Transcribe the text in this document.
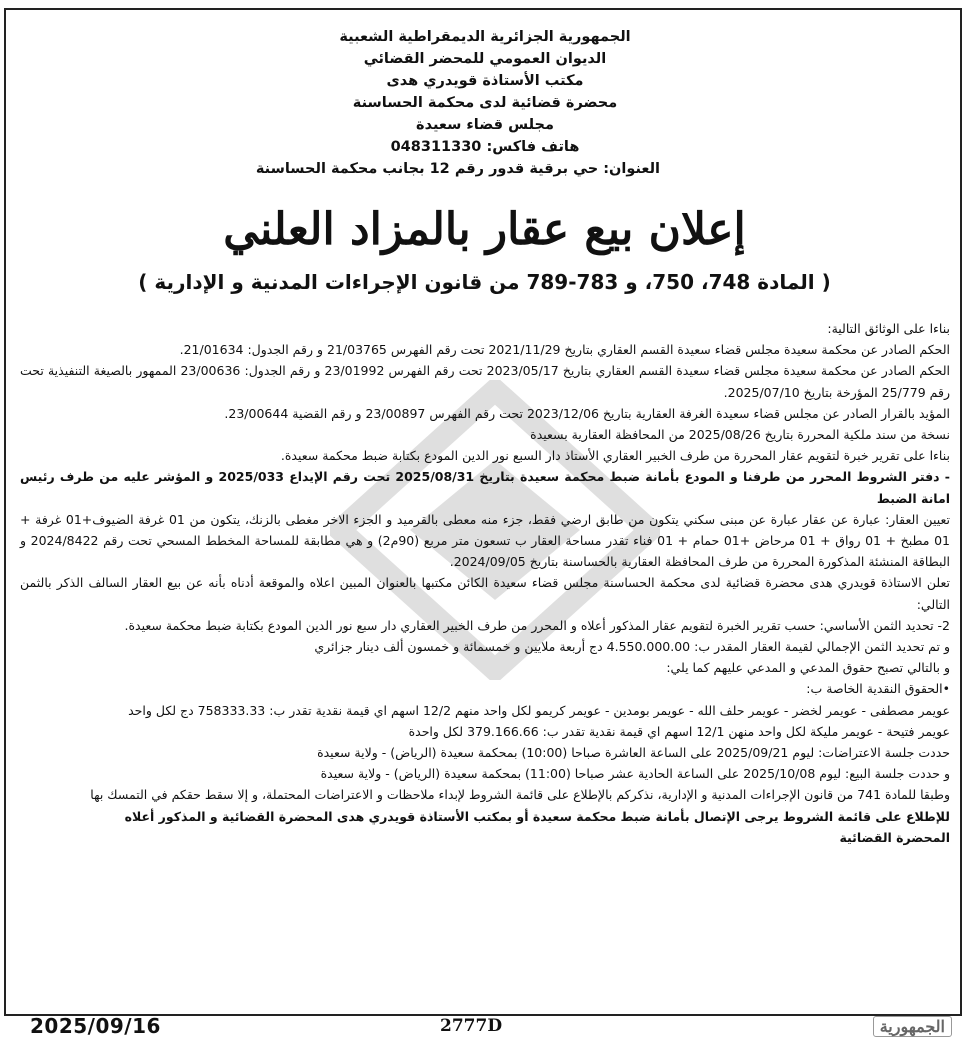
الجمهورية الجزائرية الديمقراطية الشعبية
الديوان العمومي للمحضر القضائي
مكتب الأستاذة قويدري هدى
محضرة قضائية لدى محكمة الحساسنة
مجلس قضاء سعيدة
هاتف فاكس: 048311330
العنوان: حي برقية قدور رقم 12 بجانب محكمة الحساسنة
إعلان بيع عقار بالمزاد العلني
( المادة 748، 750، و 783-789 من قانون الإجراءات المدنية و الإدارية )

بناءا على الوثائق التالية:

الحكم الصادر عن محكمة سعيدة مجلس قضاء سعيدة القسم العقاري بتاريخ 2021/11/29 تحت رقم الفهرس 21/03765 و رقم الجدول: 21/01634.

الحكم الصادر عن محكمة سعيدة مجلس قضاء سعيدة القسم العقاري بتاريخ 2023/05/17 تحت رقم الفهرس 23/01992 و رقم الجدول: 23/00636 الممهور بالصيغة التنفيذية تحت رقم 25/779 المؤرخة بتاريخ 2025/07/10.

المؤيد بالقرار الصادر عن مجلس قضاء سعيدة الغرفة العقارية بتاريخ 2023/12/06 تحت رقم الفهرس 23/00897 و رقم القضية 23/00644.

نسخة من سند ملكية المحررة بتاريخ 2025/08/26 من المحافظة العقارية بسعيدة

بناءا على تقرير خبرة لتقويم عقار المحررة من طرف الخبير العقاري الأستاذ دار السبع نور الدين المودع بكتابة ضبط محكمة سعيدة.

- دفتر الشروط المحرر من طرفنا و المودع بأمانة ضبط محكمة سعيدة بتاريخ 2025/08/31 تحت رقم الإيداع 2025/033 و المؤشر عليه من طرف رئيس امانة الضبط

تعيين العقار: عبارة عن عقار عبارة عن مبنى سكني يتكون من طابق ارضي فقط، جزء منه معطى بالقرميد و الجزء الاخر مغطى بالزنك، يتكون من 01 غرفة الضيوف+01 غرفة + 01 مطبخ + 01 رواق + 01 مرحاض +01 حمام + 01 فناء تقدر مساحة العقار ب تسعون متر مربع (90م2) و هي مطابقة للمساحة المخطط المسحي تحت رقم 2024/8422 و البطاقة المنشئة المذكورة المحررة من طرف المحافظة العقارية بالحساسنة بتاريخ 2024/09/05.

تعلن الاستاذة قويدري هدى محضرة قضائية لدى محكمة الحساسنة مجلس قضاء سعيدة الكائن مكتبها بالعنوان المبين اعلاه والموقعة أدناه بأنه عن بيع العقار السالف الذكر بالثمن التالي:

2- تحديد الثمن الأساسي: حسب تقرير الخبرة لتقويم عقار المذكور أعلاه و المحرر من طرف الخبير العقاري دار سبع نور الدين المودع بكتابة ضبط محكمة سعيدة.

و تم تحديد الثمن الإجمالي لقيمة العقار المقدر ب: 4.550.000.00 دج أربعة ملايين و خمسمائة و خمسون ألف دينار جزائري

و بالتالي تصبح حقوق المدعي و المدعي عليهم كما يلي:

•الحقوق النقدية الخاصة ب:

عويمر مصطفى - عويمر لخضر - عويمر حلف الله - عويمر بومدين - عويمر كريمو لكل واحد منهم 12/2 اسهم اي قيمة نقدية تقدر ب: 758333.33 دج لكل واحد

عويمر فتيحة - عويمر مليكة لكل واحد منهن 12/1 اسهم اي قيمة نقدية تقدر ب: 379.166.66 لكل واحدة

حددت جلسة الاعتراضات: ليوم 2025/09/21 على الساعة العاشرة صباحا (10:00) بمحكمة سعيدة (الرياض) - ولاية سعيدة

و حددت جلسة البيع: ليوم 2025/10/08 على الساعة الحادية عشر صباحا (11:00) بمحكمة سعيدة (الرياض) - ولاية سعيدة

وطبقا للمادة 741 من قانون الإجراءات المدنية و الإدارية، نذكركم بالإطلاع على قائمة الشروط لإبداء ملاحظات و الاعتراضات المحتملة، و إلا سقط حقكم في التمسك بها

للإطلاع على قائمة الشروط يرجى الإتصال بأمانة ضبط محكمة سعيدة أو بمكتب الأستاذة قويدري هدى المحضرة القضائية و المذكور أعلاه

المحضرة القضائية

الجمهورية
2777D
2025/09/16
